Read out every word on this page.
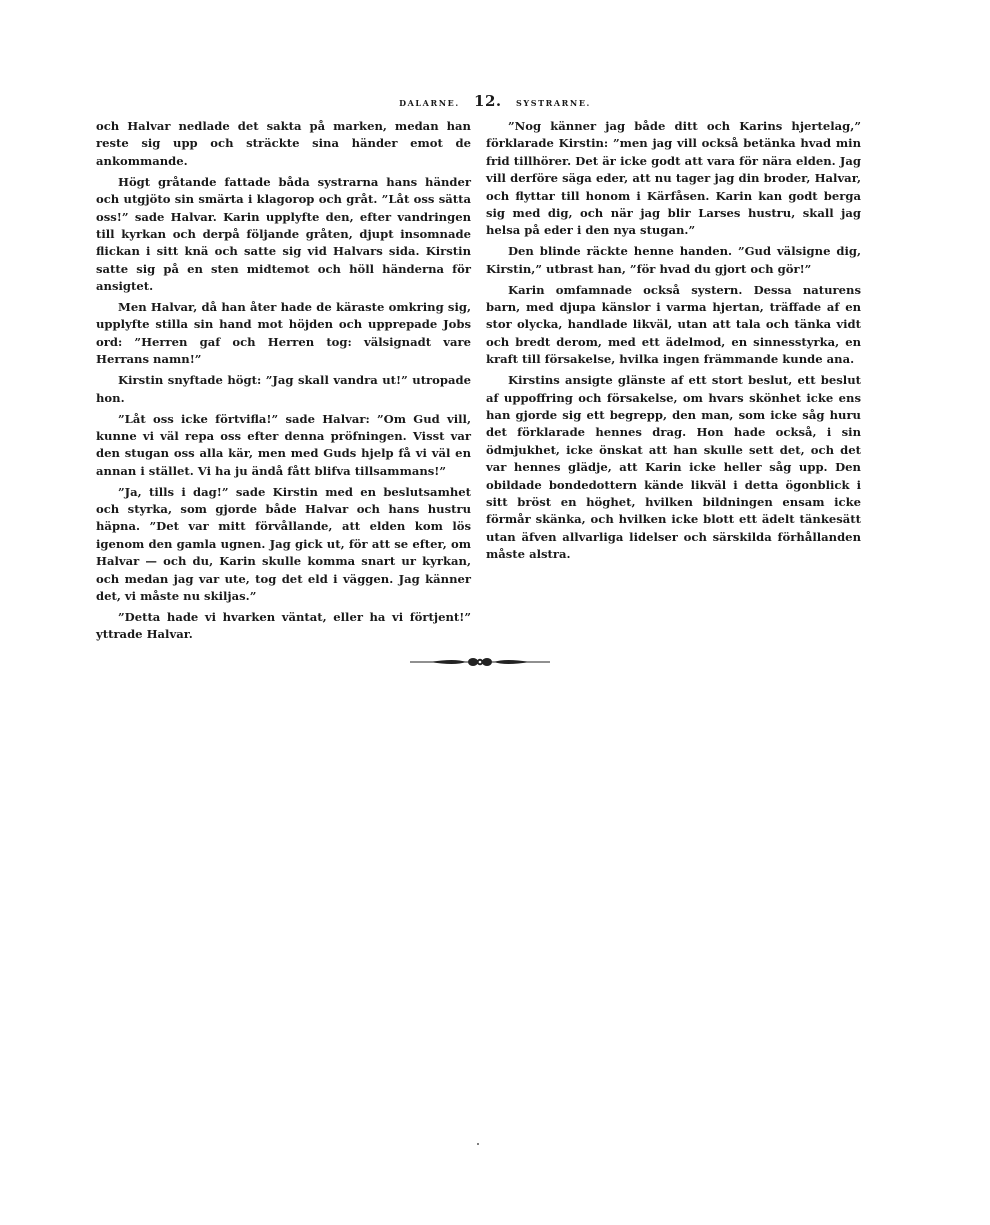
DALARNE. 12. SYSTRARNE.

och Halvar nedlade det sakta på marken, medan han reste sig upp och sträckte sina händer emot de ankommande.

Högt gråtande fattade båda systrarna hans händer och utgjöto sin smärta i klagorop och gråt. ”Låt oss sätta oss!” sade Halvar. Karin upplyfte den, efter vandringen till kyrkan och derpå följande gråten, djupt insomnade flickan i sitt knä och satte sig vid Halvars sida. Kirstin satte sig på en sten midtemot och höll händerna för ansigtet.

Men Halvar, då han åter hade de käraste omkring sig, upplyfte stilla sin hand mot höjden och upprepade Jobs ord: ”Herren gaf och Herren tog: välsignadt vare Herrans namn!”

Kirstin snyftade högt: ”Jag skall vandra ut!” utropade hon.

”Låt oss icke förtvifla!” sade Halvar: ”Om Gud vill, kunne vi väl repa oss efter denna pröfningen. Visst var den stugan oss alla kär, men med Guds hjelp få vi väl en annan i stället. Vi ha ju ändå fått blifva tillsammans!”

”Ja, tills i dag!” sade Kirstin med en beslutsamhet och styrka, som gjorde både Halvar och hans hustru häpna. ”Det var mitt förvållande, att elden kom lös igenom den gamla ugnen. Jag gick ut, för att se efter, om Halvar — och du, Karin skulle komma snart ur kyrkan, och medan jag var ute, tog det eld i väggen. Jag känner det, vi måste nu skiljas.”

”Detta hade vi hvarken väntat, eller ha vi förtjent!” yttrade Halvar.

”Nog känner jag både ditt och Karins hjertelag,” förklarade Kirstin: ”men jag vill också betänka hvad min frid tillhörer. Det är icke godt att vara för nära elden. Jag vill derföre säga eder, att nu tager jag din broder, Halvar, och flyttar till honom i Kärfåsen. Karin kan godt berga sig med dig, och när jag blir Larses hustru, skall jag helsa på eder i den nya stugan.”

Den blinde räckte henne handen. ”Gud välsigne dig, Kirstin,” utbrast han, ”för hvad du gjort och gör!”

Karin omfamnade också systern. Dessa naturens barn, med djupa känslor i varma hjertan, träffade af en stor olycka, handlade likväl, utan att tala och tänka vidt och bredt derom, med ett ädelmod, en sinnesstyrka, en kraft till försakelse, hvilka ingen främmande kunde ana.

Kirstins ansigte glänste af ett stort beslut, ett beslut af uppoffring och försakelse, om hvars skönhet icke ens han gjorde sig ett begrepp, den man, som icke såg huru det förklarade hennes drag. Hon hade också, i sin ödmjukhet, icke önskat att han skulle sett det, och det var hennes glädje, att Karin icke heller såg upp. Den obildade bondedottern kände likväl i detta ögonblick i sitt bröst en höghet, hvilken bildningen ensam icke förmår skänka, och hvilken icke blott ett ädelt tänkesätt utan äfven allvarliga lidelser och särskilda förhållanden måste alstra.
